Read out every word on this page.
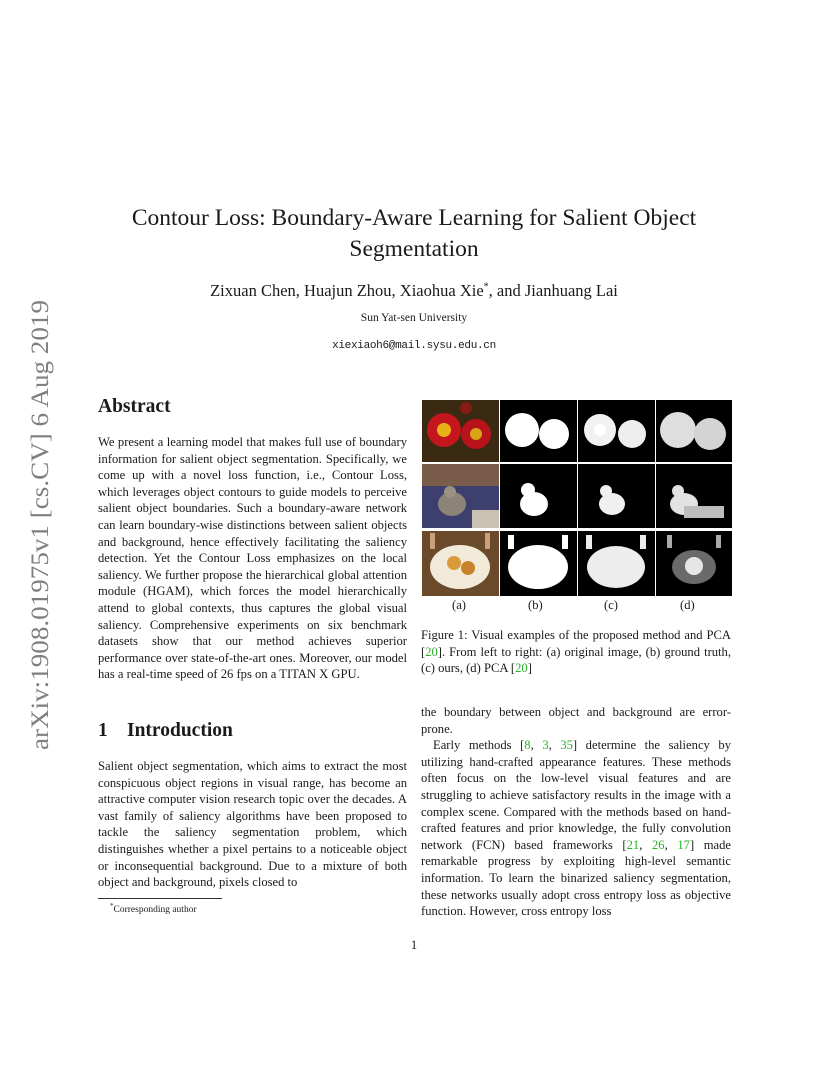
arXiv:1908.01975v1 [cs.CV] 6 Aug 2019
Contour Loss: Boundary-Aware Learning for Salient Object
Segmentation
Zixuan Chen, Huajun Zhou, Xiaohua Xie*, and Jianhuang Lai
Sun Yat-sen University
xiexiaoh6@mail.sysu.edu.cn
Abstract

We present a learning model that makes full use of boundary information for salient object segmentation. Specifically, we come up with a novel loss function, i.e., Contour Loss, which leverages object contours to guide models to perceive salient object boundaries. Such a boundary-aware network can learn boundary-wise distinctions between salient objects and background, hence effectively facilitating the saliency detection. Yet the Contour Loss emphasizes on the local saliency. We further propose the hierarchical global attention module (HGAM), which forces the model hierarchically attend to global contexts, thus captures the global visual saliency. Comprehensive experiments on six benchmark datasets show that our method achieves superior performance over state-of-the-art ones. Moreover, our model has a real-time speed of 26 fps on a TITAN X GPU.

1 Introduction

Salient object segmentation, which aims to extract the most conspicuous object regions in visual range, has become an attractive computer vision research topic over the decades. A vast family of saliency algorithms have been proposed to tackle the saliency segmentation problem, which distinguishes whether a pixel pertains to a noticeable object or inconsequential background. Due to a mixture of both object and background, pixels closed to

*Corresponding author
(a)	(b)	(c)	(d)

Figure 1: Visual examples of the proposed method and PCA [20]. From left to right: (a) original image, (b) ground truth, (c) ours, (d) PCA [20]

the boundary between object and background are error-prone.

Early methods [8, 3, 35] determine the saliency by utilizing hand-crafted appearance features. These methods often focus on the low-level visual features and are struggling to achieve satisfactory results in the image with a complex scene. Compared with the methods based on hand-crafted features and prior knowledge, the fully convolution network (FCN) based frameworks [21, 26, 17] made remarkable progress by exploiting high-level semantic information. To learn the binarized saliency segmentation, these networks usually adopt cross entropy loss as objective function. However, cross entropy loss

1
